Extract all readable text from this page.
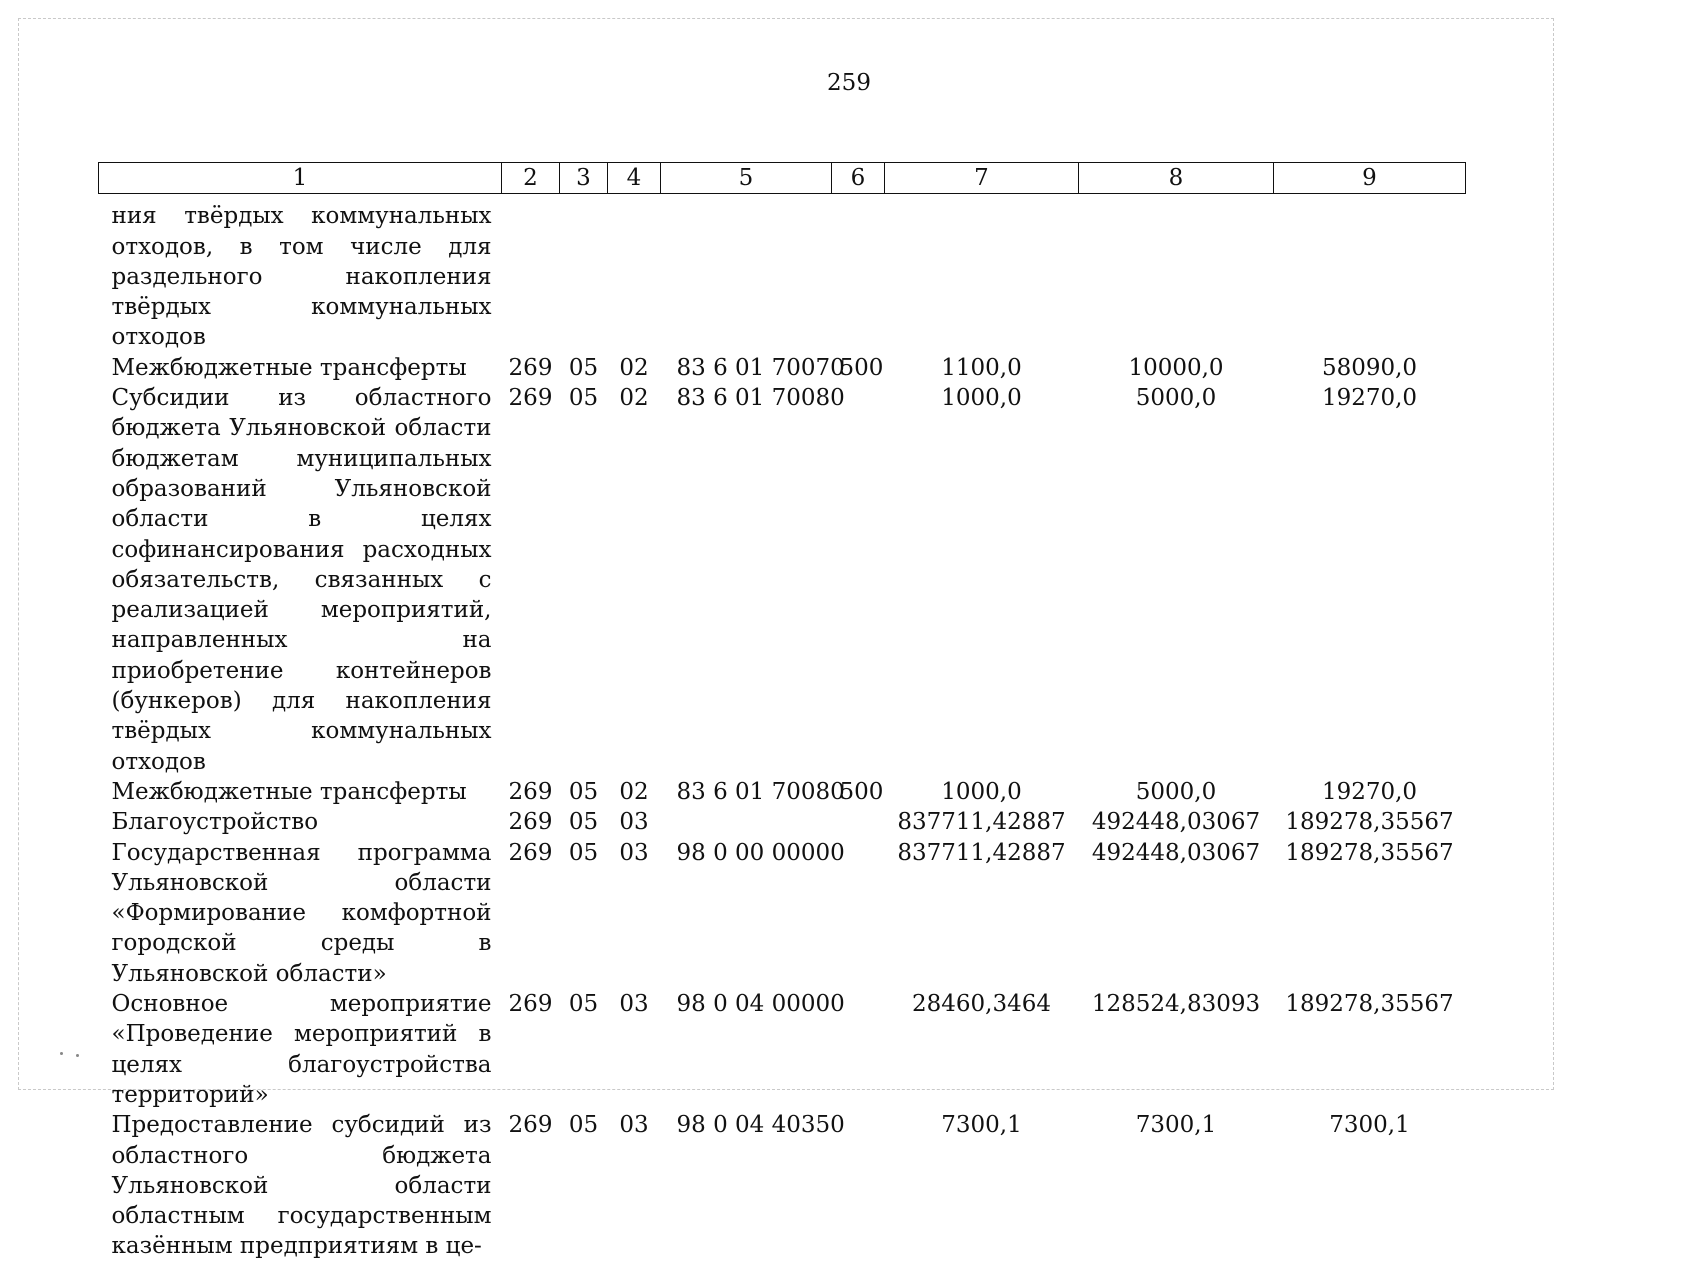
259
1	2	3	4	5	6	7	8	9
ния твёрдых коммунальных отходов, в том числе для раздельного накопления твёрдых коммунальных отходов								
Межбюджетные трансферты	269	05	02	83 6 01 70070	500	1100,0	10000,0	58090,0
Субсидии из областного бюджета Ульяновской области бюджетам муниципальных образований Ульяновской области в целях софинансирования расходных обязательств, связанных с реализацией мероприятий, направленных на приобретение контейнеров (бункеров) для накопления твёрдых коммунальных отходов	269	05	02	83 6 01 70080		1000,0	5000,0	19270,0
Межбюджетные трансферты	269	05	02	83 6 01 70080	500	1000,0	5000,0	19270,0
Благоустройство	269	05	03			837711,42887	492448,03067	189278,35567
Государственная программа Ульяновской области «Формирование комфортной городской среды в Ульяновской области»	269	05	03	98 0 00 00000		837711,42887	492448,03067	189278,35567
Основное мероприятие «Проведение мероприятий в целях благоустройства территорий»	269	05	03	98 0 04 00000		28460,3464	128524,83093	189278,35567
Предоставление субсидий из областного бюджета Ульяновской области областным государственным казённым предприятиям в це-	269	05	03	98 0 04 40350		7300,1	7300,1	7300,1
